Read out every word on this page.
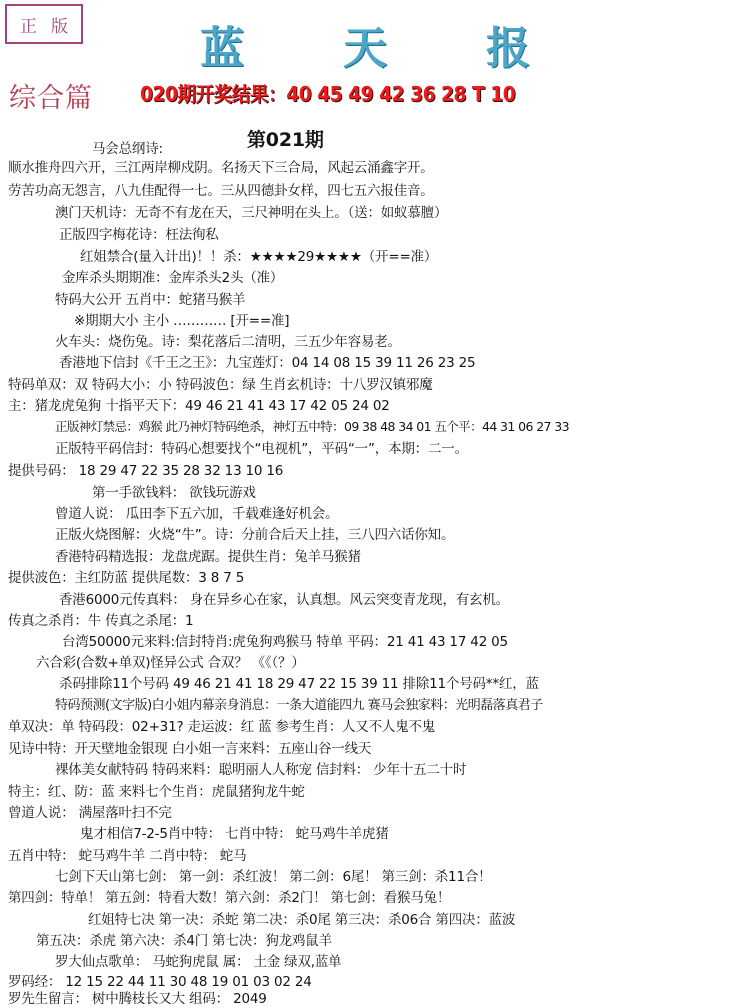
正 版	蓝 天 报
综合篇 020期开奖结果：40 45 49 42 36 28 T 10
马会总纲诗:	第021期
顺水推舟四六开，三江两岸柳戍阴。名扬天下三合局，风起云涌鑫字开。
劳苦功高无怨言，八九佳配得一七。三从四德卦女样，四七五六报佳音。
澳门天机诗：无奇不有龙在天，三尺神明在头上。（送：如蚁慕膻）
正版四字梅花诗：枉法徇私
红姐禁合(量入计出)！！杀：★★★★29★★★★（开==准）
金库杀头期期准：金库杀头2头（准）
特码大公开 五肖中：蛇猪马猴羊
※期期大小 主小 ………… [开==准]
火车头：烧伤兔。诗：梨花落后二清明，三五少年容易老。
香港地下信封《千王之王》：九宝莲灯：04 14 08 15 39 11 26 23 25
特码单双：双 特码大小：小 特码波色：绿 生肖玄机诗：十八罗汉镇邪魔
主：猪龙虎兔狗 十指平天下：49 46 21 41 43 17 42 05 24 02
正版神灯禁忌：鸡猴 此乃神灯特码绝杀，神灯五中特：09 38 48 34 01 五个平：44 31 06 27 33
正版特平码信封：特码心想要找个“电视机”，平码“一”，本期：二一。
提供号码： 18 29 47 22 35 28 32 13 10 16
第一手欲钱料： 欲钱玩游戏
曾道人说： 瓜田李下五六加，千载难逢好机会。
正版火烧图解：火烧“牛”。诗：分前合后天上挂，三八四六话你知。
香港特码精选报：龙盘虎踞。提供生肖：兔羊马猴猪
提供波色：主红防蓝 提供尾数：3 8 7 5
香港6000元传真料： 身在异乡心在家，认真想。风云突变青龙现，有玄机。
传真之杀肖：牛 传真之杀尾：1
台湾50000元来料:信封特肖:虎兔狗鸡猴马 特单 平码：21 41 43 17 42 05
六合彩(合数+单双)怪异公式 合双？ 《《（？）
杀码排除11个号码 49 46 21 41 18 29 47 22 15 39 11 排除11个号码**红，蓝
特码预测(文字版)白小姐内幕亲身消息：一条大道能四九 赛马会独家料：光明磊落真君子
单双决：单 特码段：02+31? 走运波：红 蓝 参考生肖：人又不人鬼不鬼
见诗中特：开天壁地金银现 白小姐一言来料：五座山谷一线天
裸体美女献特码 特码来料：聪明丽人人称宠 信封料： 少年十五二十时
特主：红、防：蓝 来料七个生肖：虎鼠猪狗龙牛蛇
曾道人说： 满屋落叶扫不完
鬼才相信7-2-5肖中特： 七肖中特： 蛇马鸡牛羊虎猪
五肖中特： 蛇马鸡牛羊 二肖中特： 蛇马
七剑下天山第七剑： 第一剑：杀红波！ 第二剑：6尾！ 第三剑：杀11合！
第四剑：特单！ 第五剑：特看大数！第六剑：杀2门！ 第七剑：看猴马兔！
红姐特七决 第一决：杀蛇 第二决：杀0尾 第三决：杀06合 第四决：蓝波
第五决：杀虎 第六决：杀4门 第七决：狗龙鸡鼠羊
罗大仙点歌单： 马蛇狗虎鼠 属： 土金 绿双,蓝单
罗码经： 12 15 22 44 11 30 48 19 01 03 02 24
罗先生留言： 树中腾枝长又大 组码： 2049
